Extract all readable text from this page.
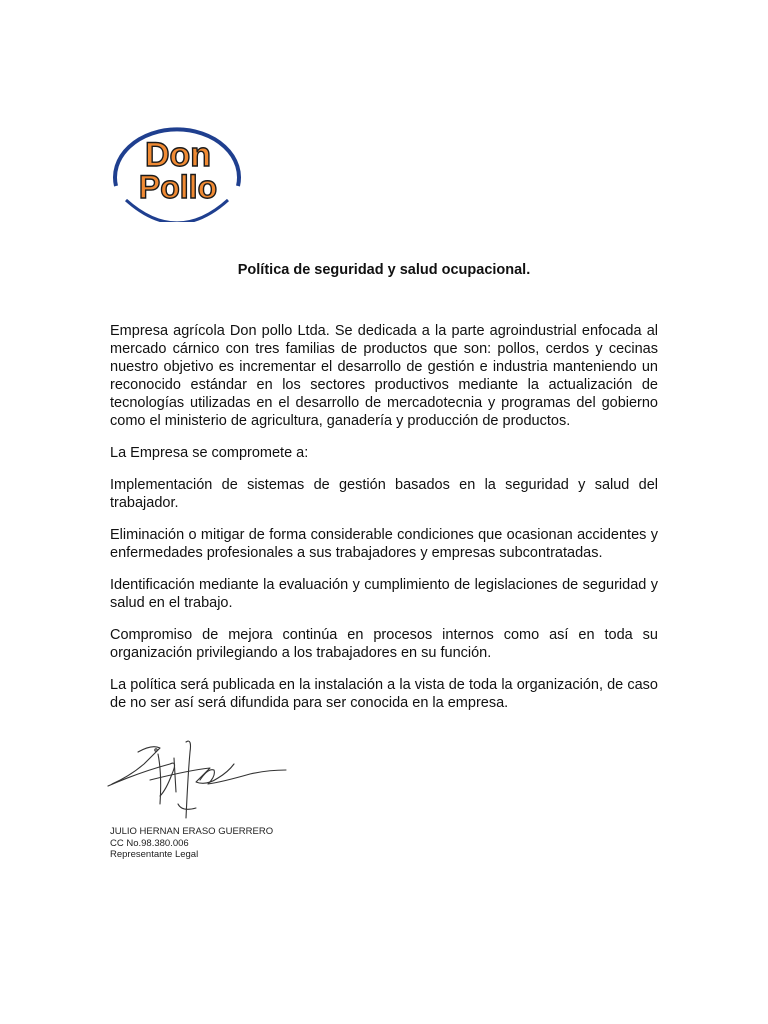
Don
Pollo
Política de seguridad y salud ocupacional.

Empresa agrícola Don pollo Ltda. Se dedicada a la parte agroindustrial enfocada al mercado cárnico con tres familias de productos que son: pollos, cerdos y cecinas nuestro objetivo es incrementar el desarrollo de gestión e industria manteniendo un reconocido estándar en los sectores productivos mediante la actualización de tecnologías utilizadas en el desarrollo de mercadotecnia y programas del gobierno como el ministerio de agricultura, ganadería y producción de productos.

La Empresa se compromete a:

Implementación de sistemas de gestión basados en la seguridad y salud del trabajador.

Eliminación o mitigar de forma considerable condiciones que ocasionan accidentes y enfermedades profesionales a sus trabajadores y empresas subcontratadas.

Identificación mediante la evaluación y cumplimiento de legislaciones de seguridad y salud en el trabajo.

Compromiso de mejora continúa en procesos internos como así en toda su organización privilegiando a los trabajadores en su función.

La política será publicada en la instalación a la vista de toda la organización, de caso de no ser así será difundida para ser conocida en la empresa.

JULIO HERNAN ERASO GUERRERO
CC No.98.380.006
Representante Legal
